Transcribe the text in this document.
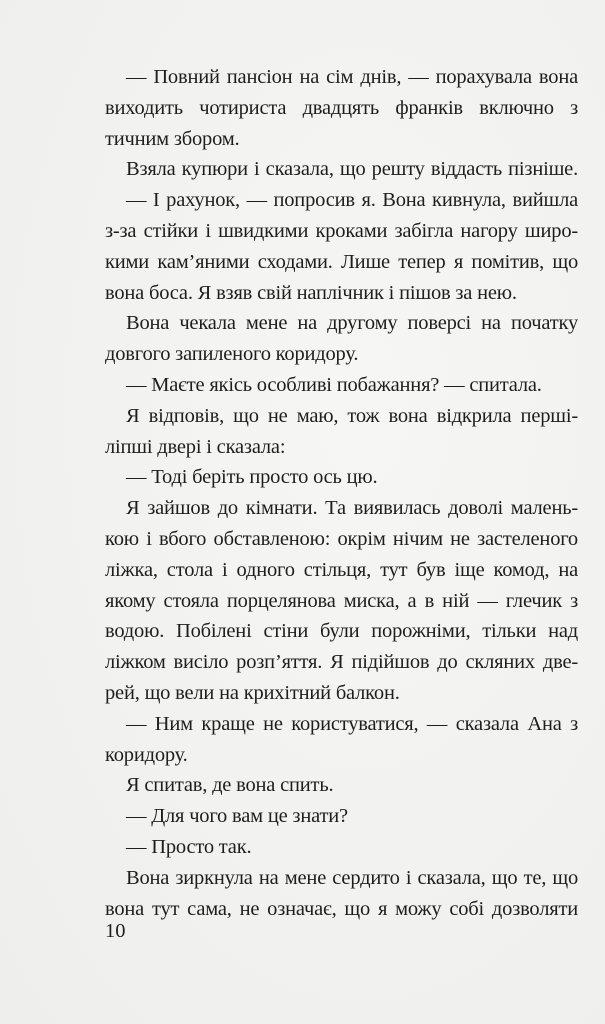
— Повний пансіон на сім днів, — порахувала вона
виходить чотириста двадцять франків включно з
тичним збором.
Взяла купюри і сказала, що решту віддасть пізніше.
— І рахунок, — попросив я. Вона кивнула, вийшла
з-за стійки і швидкими кроками забігла нагору широ-
кими кам’яними сходами. Лише тепер я помітив, що
вона боса. Я взяв свій наплічник і пішов за нею.
Вона чекала мене на другому поверсі на початку
довгого запиленого коридору.
— Маєте якісь особливі побажання? — спитала.
Я відповів, що не маю, тож вона відкрила перші-
ліпші двері і сказала:
— Тоді беріть просто ось цю.
Я зайшов до кімнати. Та виявилась доволі малень-
кою і вбого обставленою: окрім нічим не застеленого
ліжка, стола і одного стільця, тут був іще комод, на
якому стояла порцелянова миска, а в ній — глечик з
водою. Побілені стіни були порожніми, тільки над
ліжком висіло розп’яття. Я підійшов до скляних две-
рей, що вели на крихітний балкон.
— Ним краще не користуватися, — сказала Ана з
коридору.
Я спитав, де вона спить.
— Для чого вам це знати?
— Просто так.
Вона зиркнула на мене сердито і сказала, що те, що
вона тут сама, не означає, що я можу собі дозволяти
10
